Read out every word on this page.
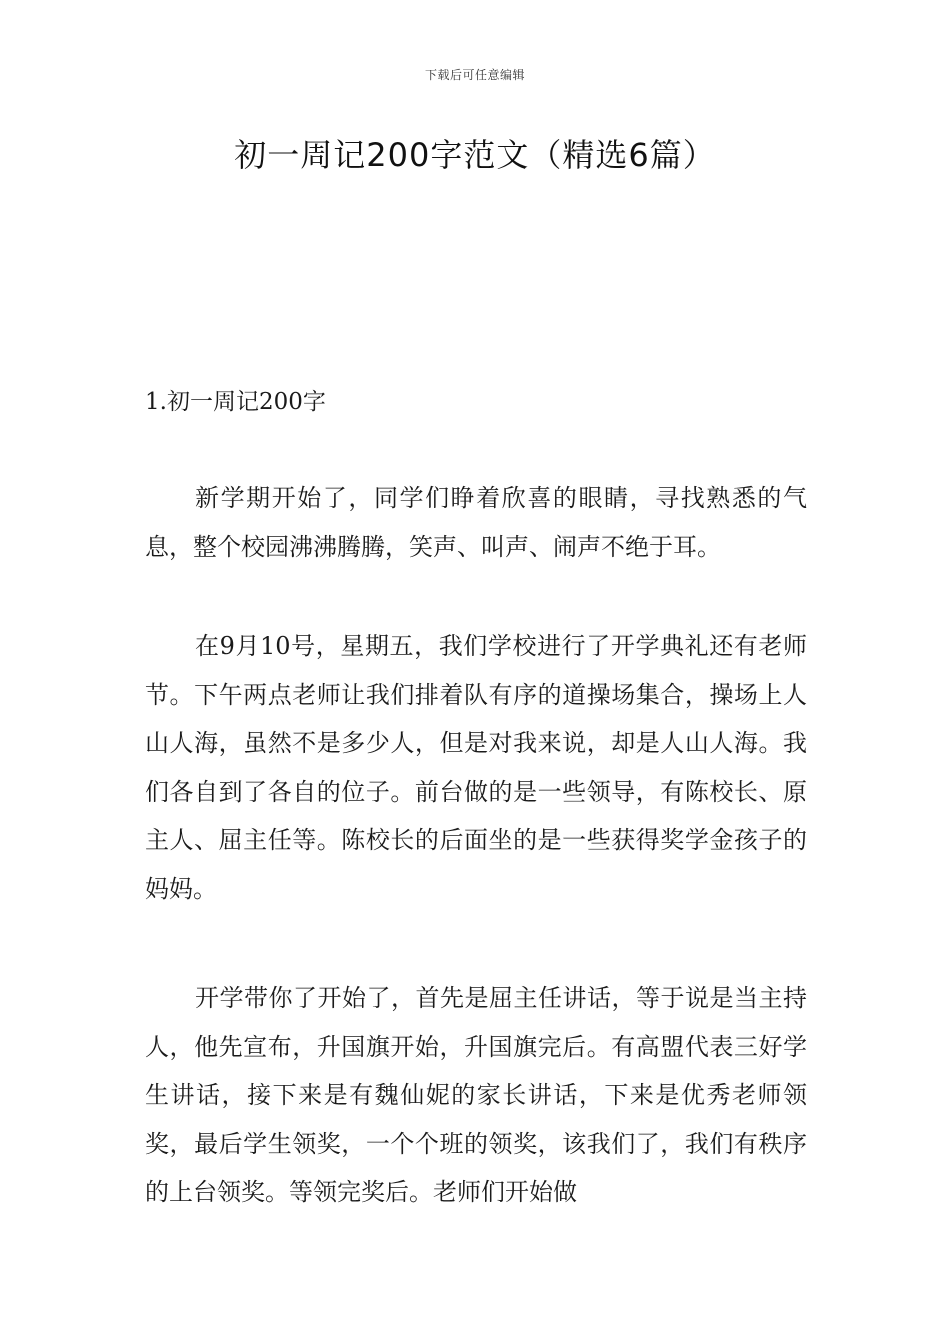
下载后可任意编辑
初一周记200字范文（精选6篇）
1.初一周记200字

新学期开始了，同学们睁着欣喜的眼睛，寻找熟悉的气息，整个校园沸沸腾腾，笑声、叫声、闹声不绝于耳。

在9月10号，星期五，我们学校进行了开学典礼还有老师节。下午两点老师让我们排着队有序的道操场集合，操场上人山人海，虽然不是多少人，但是对我来说，却是人山人海。我们各自到了各自的位子。前台做的是一些领导，有陈校长、原主人、屈主任等。陈校长的后面坐的是一些获得奖学金孩子的妈妈。

开学带你了开始了，首先是屈主任讲话，等于说是当主持人，他先宣布，升国旗开始，升国旗完后。有高盟代表三好学生讲话，接下来是有魏仙妮的家长讲话，下来是优秀老师领奖，最后学生领奖，一个个班的领奖，该我们了，我们有秩序的上台领奖。等领完奖后。老师们开始做
